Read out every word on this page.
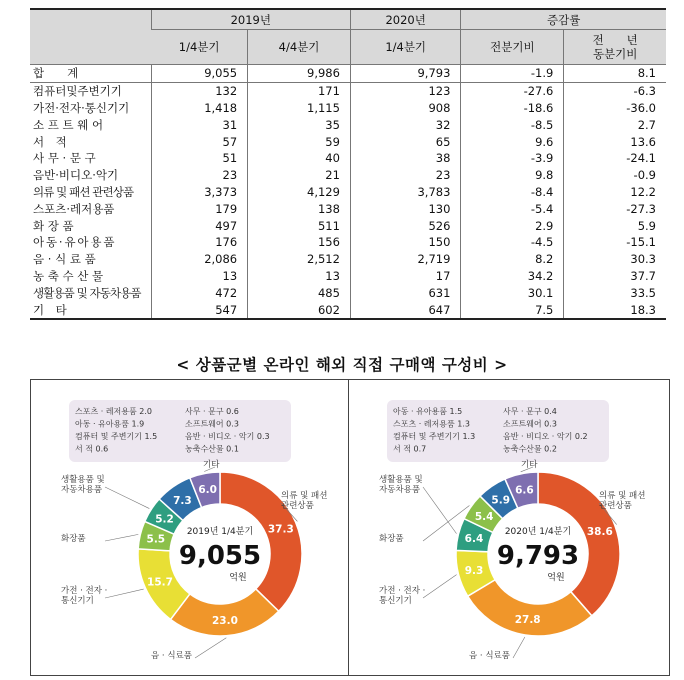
	2019년		2020년	증감률	
	1/4분기	4/4분기	1/4분기	전분기비	전　　년
동분기비
합　　계	9,055	9,986	9,793	-1.9	8.1
컴퓨터및주변기기	132	171	123	-27.6	-6.3
가전·전자·통신기기	1,418	1,115	908	-18.6	-36.0
소 프 트 웨 어	31	35	32	-8.5	2.7
서　적	57	59	65	9.6	13.6
사 무 · 문 구	51	40	38	-3.9	-24.1
음반·비디오·악기	23	21	23	9.8	-0.9
의류 및 패션 관련상품	3,373	4,129	3,783	-8.4	12.2
스포츠·레저용품	179	138	130	-5.4	-27.3
화 장 품	497	511	526	2.9	5.9
아 동 · 유 아 용 품	176	156	150	-4.5	-15.1
음 · 식 료 품	2,086	2,512	2,719	8.2	30.3
농 축 수 산 물	13	13	17	34.2	37.7
생활용품 및 자동차용품	472	485	631	30.1	33.5
기　타	547	602	647	7.5	18.3
< 상품군별 온라인 해외 직접 구매액 구성비 >
스포츠 · 레저용품 2.0	사무 · 문구 0.6
아동 · 유아용품 1.9	소프트웨어 0.3
컴퓨터 및 주변기기 1.5	음반 · 비디오 · 악기 0.3
서 적 0.6	농축수산물 0.1
37.3
23.0
15.7
5.5
5.2
7.3
6.0	의류 및 패션
관련상품
음 · 식료품
가전 · 전자 ·
통신기기
화장품
생활용품 및
자동차용품
기타
2019년 1/4분기
9,055
억원
아동 · 유아용품 1.5	사무 · 문구 0.4
스포츠 · 레저용품 1.3	소프트웨어 0.3
컴퓨터 및 주변기기 1.3	음반 · 비디오 · 악기 0.2
서 적 0.7	농축수산물 0.2
38.6
27.8
9.3
6.4
5.4
5.9
6.6	의류 및 패션
관련상품
음 · 식료품
가전 · 전자 ·
통신기기
생활용품 및
자동차용품
화장품
기타
2020년 1/4분기
9,793
억원
